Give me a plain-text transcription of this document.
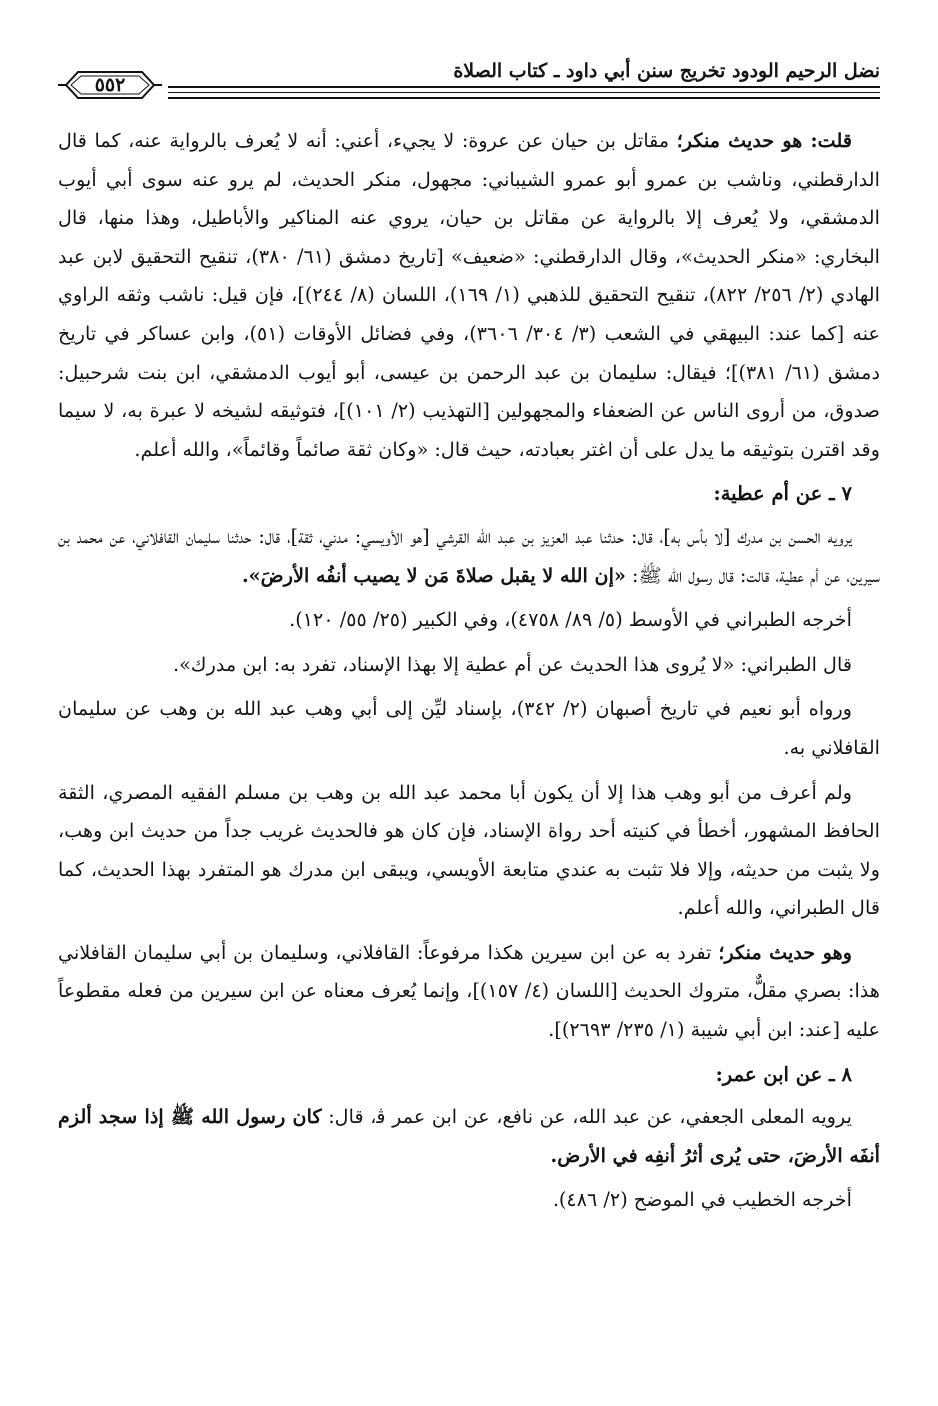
٥٥٢
نضل الرحيم الودود تخريج سنن أبي داود ـ كتاب الصلاة

قلت: هو حديث منكر؛ مقاتل بن حيان عن عروة: لا يجيء، أعني: أنه لا يُعرف بالرواية عنه، كما قال الدارقطني، وناشب بن عمرو أبو عمرو الشيباني: مجهول، منكر الحديث، لم يرو عنه سوى أبي أيوب الدمشقي، ولا يُعرف إلا بالرواية عن مقاتل بن حيان، يروي عنه المناكير والأباطيل، وهذا منها، قال البخاري: «منكر الحديث»، وقال الدارقطني: «ضعيف» [تاريخ دمشق (٦١/ ٣٨٠)، تنقيح التحقيق لابن عبد الهادي (٢/ ٢٥٦/ ٨٢٢)، تنقيح التحقيق للذهبي (١/ ١٦٩)، اللسان (٨/ ٢٤٤)]، فإن قيل: ناشب وثقه الراوي عنه [كما عند: البيهقي في الشعب (٣/ ٣٠٤/ ٣٦٠٦)، وفي فضائل الأوقات (٥١)، وابن عساكر في تاريخ دمشق (٦١/ ٣٨١)]؛ فيقال: سليمان بن عبد الرحمن بن عيسى، أبو أيوب الدمشقي، ابن بنت شرحبيل: صدوق، من أروى الناس عن الضعفاء والمجهولين [التهذيب (٢/ ١٠١)]، فتوثيقه لشيخه لا عبرة به، لا سيما وقد اقترن بتوثيقه ما يدل على أن اغتر بعبادته، حيث قال: «وكان ثقة صائماً وقائماً»، والله أعلم.

٧ ـ عن أم عطية:

يرويه الحسن بن مدرك [لا بأس به]، قال: حدثنا عبد العزيز بن عبد الله القرشي [هو الأويسي: مدني، ثقة]، قال: حدثنا سليمان القافلاني، عن محمد بن سيرين، عن أم عطية، قالت: قال رسول الله ﷺ: «إن الله لا يقبل صلاةَ مَن لا يصيب أنفُه الأرضَ».

أخرجه الطبراني في الأوسط (٥/ ٨٩/ ٤٧٥٨)، وفي الكبير (٢٥/ ٥٥/ ١٢٠).

قال الطبراني: «لا يُروى هذا الحديث عن أم عطية إلا بهذا الإسناد، تفرد به: ابن مدرك».

ورواه أبو نعيم في تاريخ أصبهان (٢/ ٣٤٢)، بإسناد ليِّن إلى أبي وهب عبد الله بن وهب عن سليمان القافلاني به.

ولم أعرف من أبو وهب هذا إلا أن يكون أبا محمد عبد الله بن وهب بن مسلم الفقيه المصري، الثقة الحافظ المشهور، أخطأ في كنيته أحد رواة الإسناد، فإن كان هو فالحديث غريب جداً من حديث ابن وهب، ولا يثبت من حديثه، وإلا فلا تثبت به عندي متابعة الأويسي، ويبقى ابن مدرك هو المتفرد بهذا الحديث، كما قال الطبراني، والله أعلم.

وهو حديث منكر؛ تفرد به عن ابن سيرين هكذا مرفوعاً: القافلاني، وسليمان بن أبي سليمان القافلاني هذا: بصري مقلٌّ، متروك الحديث [اللسان (٤/ ١٥٧)]، وإنما يُعرف معناه عن ابن سيرين من فعله مقطوعاً عليه [عند: ابن أبي شيبة (١/ ٢٣٥/ ٢٦٩٣)].

٨ ـ عن ابن عمر:

يرويه المعلى الجعفي، عن عبد الله، عن نافع، عن ابن عمر ﭬ، قال: كان رسول الله ﷺ إذا سجد ألزم أنفَه الأرضَ، حتى يُرى أثرُ أنفِه في الأرض.

أخرجه الخطيب في الموضح (٢/ ٤٨٦).
